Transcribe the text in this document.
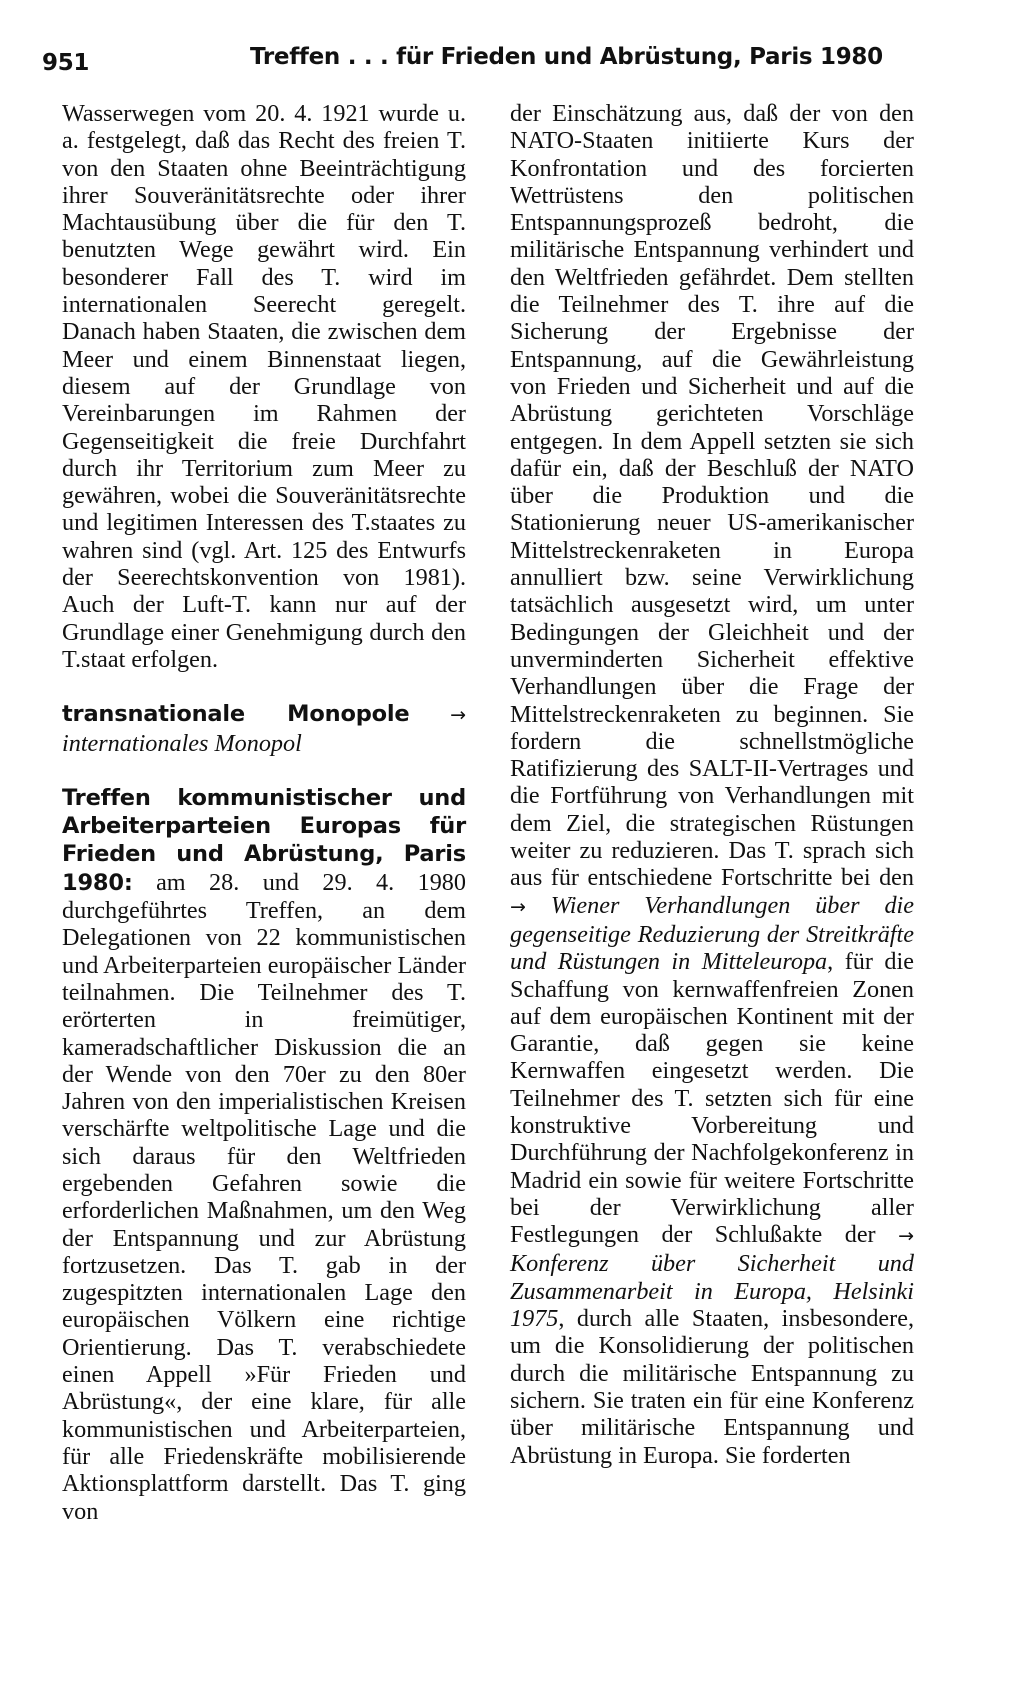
951	Treffen . . . für Frieden und Abrüstung, Paris 1980

Wasserwegen vom 20. 4. 1921 wurde u. a. festgelegt, daß das Recht des freien T. von den Staaten ohne Beeinträchtigung ihrer Souveränitätsrechte oder ihrer Machtausübung über die für den T. benutzten Wege gewährt wird. Ein besonderer Fall des T. wird im internationalen Seerecht geregelt. Danach haben Staaten, die zwischen dem Meer und einem Binnenstaat liegen, diesem auf der Grundlage von Vereinbarungen im Rahmen der Gegenseitigkeit die freie Durchfahrt durch ihr Territorium zum Meer zu gewähren, wobei die Souveränitätsrechte und legitimen Interessen des T.staates zu wahren sind (vgl. Art. 125 des Entwurfs der Seerechtskonvention von 1981). Auch der Luft-T. kann nur auf der Grundlage einer Genehmigung durch den T.staat erfolgen.

transnationale Monopole → internationales Monopol

Treffen kommunistischer und Arbeiterparteien Europas für Frieden und Abrüstung, Paris 1980: am 28. und 29. 4. 1980 durchgeführtes Treffen, an dem Delegationen von 22 kommunistischen und Arbeiterparteien europäischer Länder teilnahmen. Die Teilnehmer des T. erörterten in freimütiger, kameradschaftlicher Diskussion die an der Wende von den 70er zu den 80er Jahren von den imperialistischen Kreisen verschärfte weltpolitische Lage und die sich daraus für den Weltfrieden ergebenden Gefahren sowie die erforderlichen Maßnahmen, um den Weg der Entspannung und zur Abrüstung fortzusetzen. Das T. gab in der zugespitzten internationalen Lage den europäischen Völkern eine richtige Orientierung. Das T. verabschiedete einen Appell »Für Frieden und Abrüstung«, der eine klare, für alle kommunistischen und Arbeiterparteien, für alle Friedenskräfte mobilisierende Aktionsplattform darstellt. Das T. ging von

der Einschätzung aus, daß der von den NATO-Staaten initiierte Kurs der Konfrontation und des forcierten Wettrüstens den politischen Entspannungsprozeß bedroht, die militärische Entspannung verhindert und den Weltfrieden gefährdet. Dem stellten die Teilnehmer des T. ihre auf die Sicherung der Ergebnisse der Entspannung, auf die Gewährleistung von Frieden und Sicherheit und auf die Abrüstung gerichteten Vorschläge entgegen. In dem Appell setzten sie sich dafür ein, daß der Beschluß der NATO über die Produktion und die Stationierung neuer US-amerikanischer Mittelstreckenraketen in Europa annulliert bzw. seine Verwirklichung tatsächlich ausgesetzt wird, um unter Bedingungen der Gleichheit und der unverminderten Sicherheit effektive Verhandlungen über die Frage der Mittelstreckenraketen zu beginnen. Sie fordern die schnellstmögliche Ratifizierung des SALT-II-Vertrages und die Fortführung von Verhandlungen mit dem Ziel, die strategischen Rüstungen weiter zu reduzieren. Das T. sprach sich aus für entschiedene Fortschritte bei den → Wiener Verhandlungen über die gegenseitige Reduzierung der Streitkräfte und Rüstungen in Mitteleuropa, für die Schaffung von kernwaffenfreien Zonen auf dem europäischen Kontinent mit der Garantie, daß gegen sie keine Kernwaffen eingesetzt werden. Die Teilnehmer des T. setzten sich für eine konstruktive Vorbereitung und Durchführung der Nachfolgekonferenz in Madrid ein sowie für weitere Fortschritte bei der Verwirklichung aller Festlegungen der Schlußakte der → Konferenz über Sicherheit und Zusammenarbeit in Europa, Helsinki 1975, durch alle Staaten, insbesondere, um die Konsolidierung der politischen durch die militärische Entspannung zu sichern. Sie traten ein für eine Konferenz über militärische Entspannung und Abrüstung in Europa. Sie forderten
